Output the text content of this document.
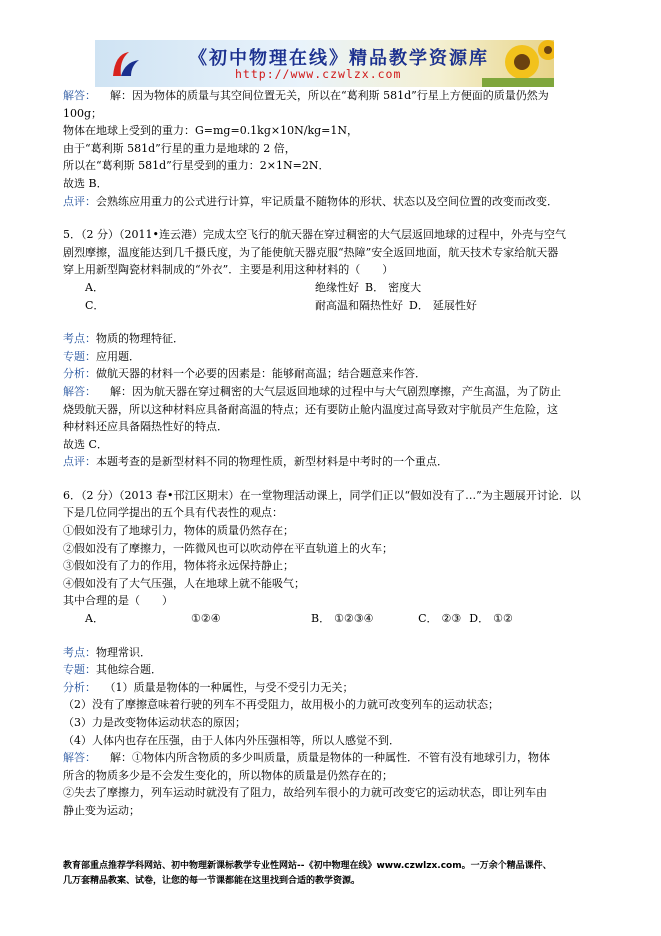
《初中物理在线》精品教学资源库
http://www.czwlzx.com
解答： 解：因为物体的质量与其空间位置无关，所以在“葛利斯 581d”行星上方便面的质量仍然为
100g；
物体在地球上受到的重力：G=mg=0.1kg×10N/kg=1N，
由于“葛利斯 581d”行星的重力是地球的 2 倍，
所以在“葛利斯 581d”行星受到的重力：2×1N=2N．
故选 B．
点评：会熟练应用重力的公式进行计算，牢记质量不随物体的形状、状态以及空间位置的改变而改变．
5．（2 分）（2011•连云港）完成太空飞行的航天器在穿过稠密的大气层返回地球的过程中，外壳与空气
剧烈摩擦，温度能达到几千摄氏度，为了能使航天器克服“热障”安全返回地面，航天技术专家给航天器
穿上用新型陶瓷材料制成的“外衣”．主要是利用这种材料的（　　）
A．	绝缘性好 B． 密度大
C．	耐高温和隔热性好 D． 延展性好
考点：物质的物理特征．
专题：应用题．
分析：做航天器的材料一个必要的因素是：能够耐高温；结合题意来作答．
解答： 解：因为航天器在穿过稠密的大气层返回地球的过程中与大气剧烈摩擦，产生高温，为了防止
烧毁航天器，所以这种材料应具备耐高温的特点；还有要防止舱内温度过高导致对宇航员产生危险，这
种材料还应具备隔热性好的特点．
故选 C．
点评：本题考查的是新型材料不同的物理性质，新型材料是中考时的一个重点．
6．（2 分）（2013 春•邗江区期末）在一堂物理活动课上，同学们正以“假如没有了…”为主题展开讨论．以
下是几位同学提出的五个具有代表性的观点：
①假如没有了地球引力，物体的质量仍然存在；
②假如没有了摩擦力，一阵微风也可以吹动停在平直轨道上的火车；
③假如没有了力的作用，物体将永远保持静止；
④假如没有了大气压强，人在地球上就不能吸气；
其中合理的是（　　）
A．	①②④	B． ①②③④	C． ②③ D． ①②
考点：物理常识．
专题：其他综合题．
分析： （1）质量是物体的一种属性，与受不受引力无关；
（2）没有了摩擦意味着行驶的列车不再受阻力，故用极小的力就可改变列车的运动状态；
（3）力是改变物体运动状态的原因；
（4）人体内也存在压强，由于人体内外压强相等，所以人感觉不到．
解答： 解：①物体内所含物质的多少叫质量，质量是物体的一种属性．不管有没有地球引力，物体
所含的物质多少是不会发生变化的，所以物体的质量是仍然存在的；
②失去了摩擦力，列车运动时就没有了阻力，故给列车很小的力就可改变它的运动状态，即让列车由
静止变为运动；
教育部重点推荐学科网站、初中物理新课标教学专业性网站--《初中物理在线》www.czwlzx.com。一万余个精品课件、
几万套精品教案、试卷，让您的每一节课都能在这里找到合适的教学资源。
